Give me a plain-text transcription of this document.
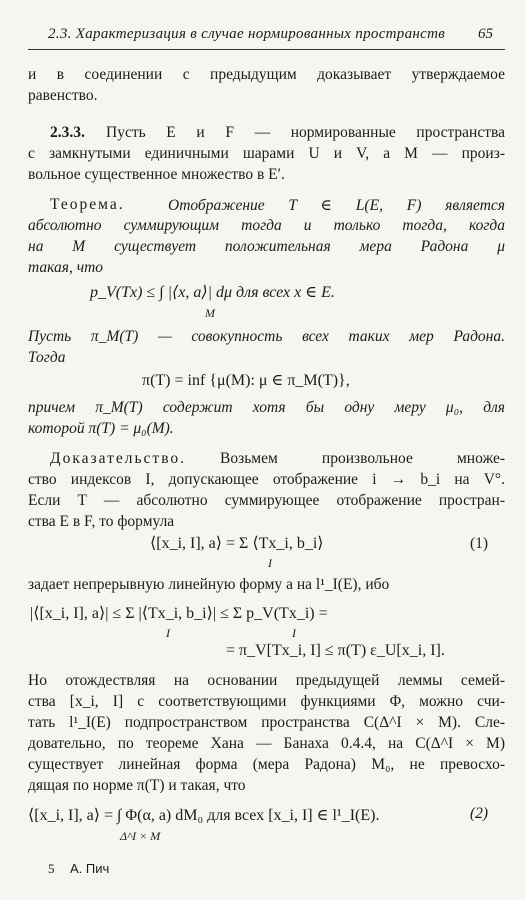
2.3. Характеризация в случае нормированных пространств 65
и в соединении с предыдущим доказывает утверждаемое
равенство.
2.3.3. Пусть E и F — нормированные пространства
с замкнутыми единичными шарами U и V, а M — произ-
вольное существенное множество в E′.
Теорема.	Отображение T ∈ L(E, F) является
абсолютно суммирующим тогда и только тогда, когда
на M существует положительная мера Радона μ
такая, что
p_V(Tx) ≤ ∫ |⟨x, a⟩| dμ для всех x ∈ E.
M
Пусть π_M(T) — совокупность всех таких мер Радона.
Тогда
π(T) = inf {μ(M): μ ∈ π_M(T)},
причем π_M(T) содержит хотя бы одну меру μ₀, для
которой π(T) = μ₀(M).
Доказательство. Возьмем произвольное множе-
ство индексов I, допускающее отображение i → b_i на V°.
Если T — абсолютно суммирующее отображение простран-
ства E в F, то формула
⟨[x_i, I], a⟩ = Σ ⟨Tx_i, b_i⟩
I
(1)
задает непрерывную линейную форму a на l¹_I(E), ибо
|⟨[x_i, I], a⟩| ≤ Σ |⟨Tx_i, b_i⟩| ≤ Σ p_V(Tx_i) =
I	I
= π_V[Tx_i, I] ≤ π(T) ε_U[x_i, I].
Но отождествляя на основании предыдущей леммы семей-
ства [x_i, I] с соответствующими функциями Φ, можно счи-
тать l¹_I(E) подпространством пространства C(Δ^I × M). Сле-
довательно, по теореме Хана — Банаха 0.4.4, на C(Δ^I × M)
существует линейная форма (мера Радона) M₀, не превосхо-
дящая по норме π(T) и такая, что
⟨[x_i, I], a⟩ = ∫ Φ(α, a) dM₀ для всех [x_i, I] ∈ l¹_I(E).	(2)
Δ^I × M
5 А. Пич
